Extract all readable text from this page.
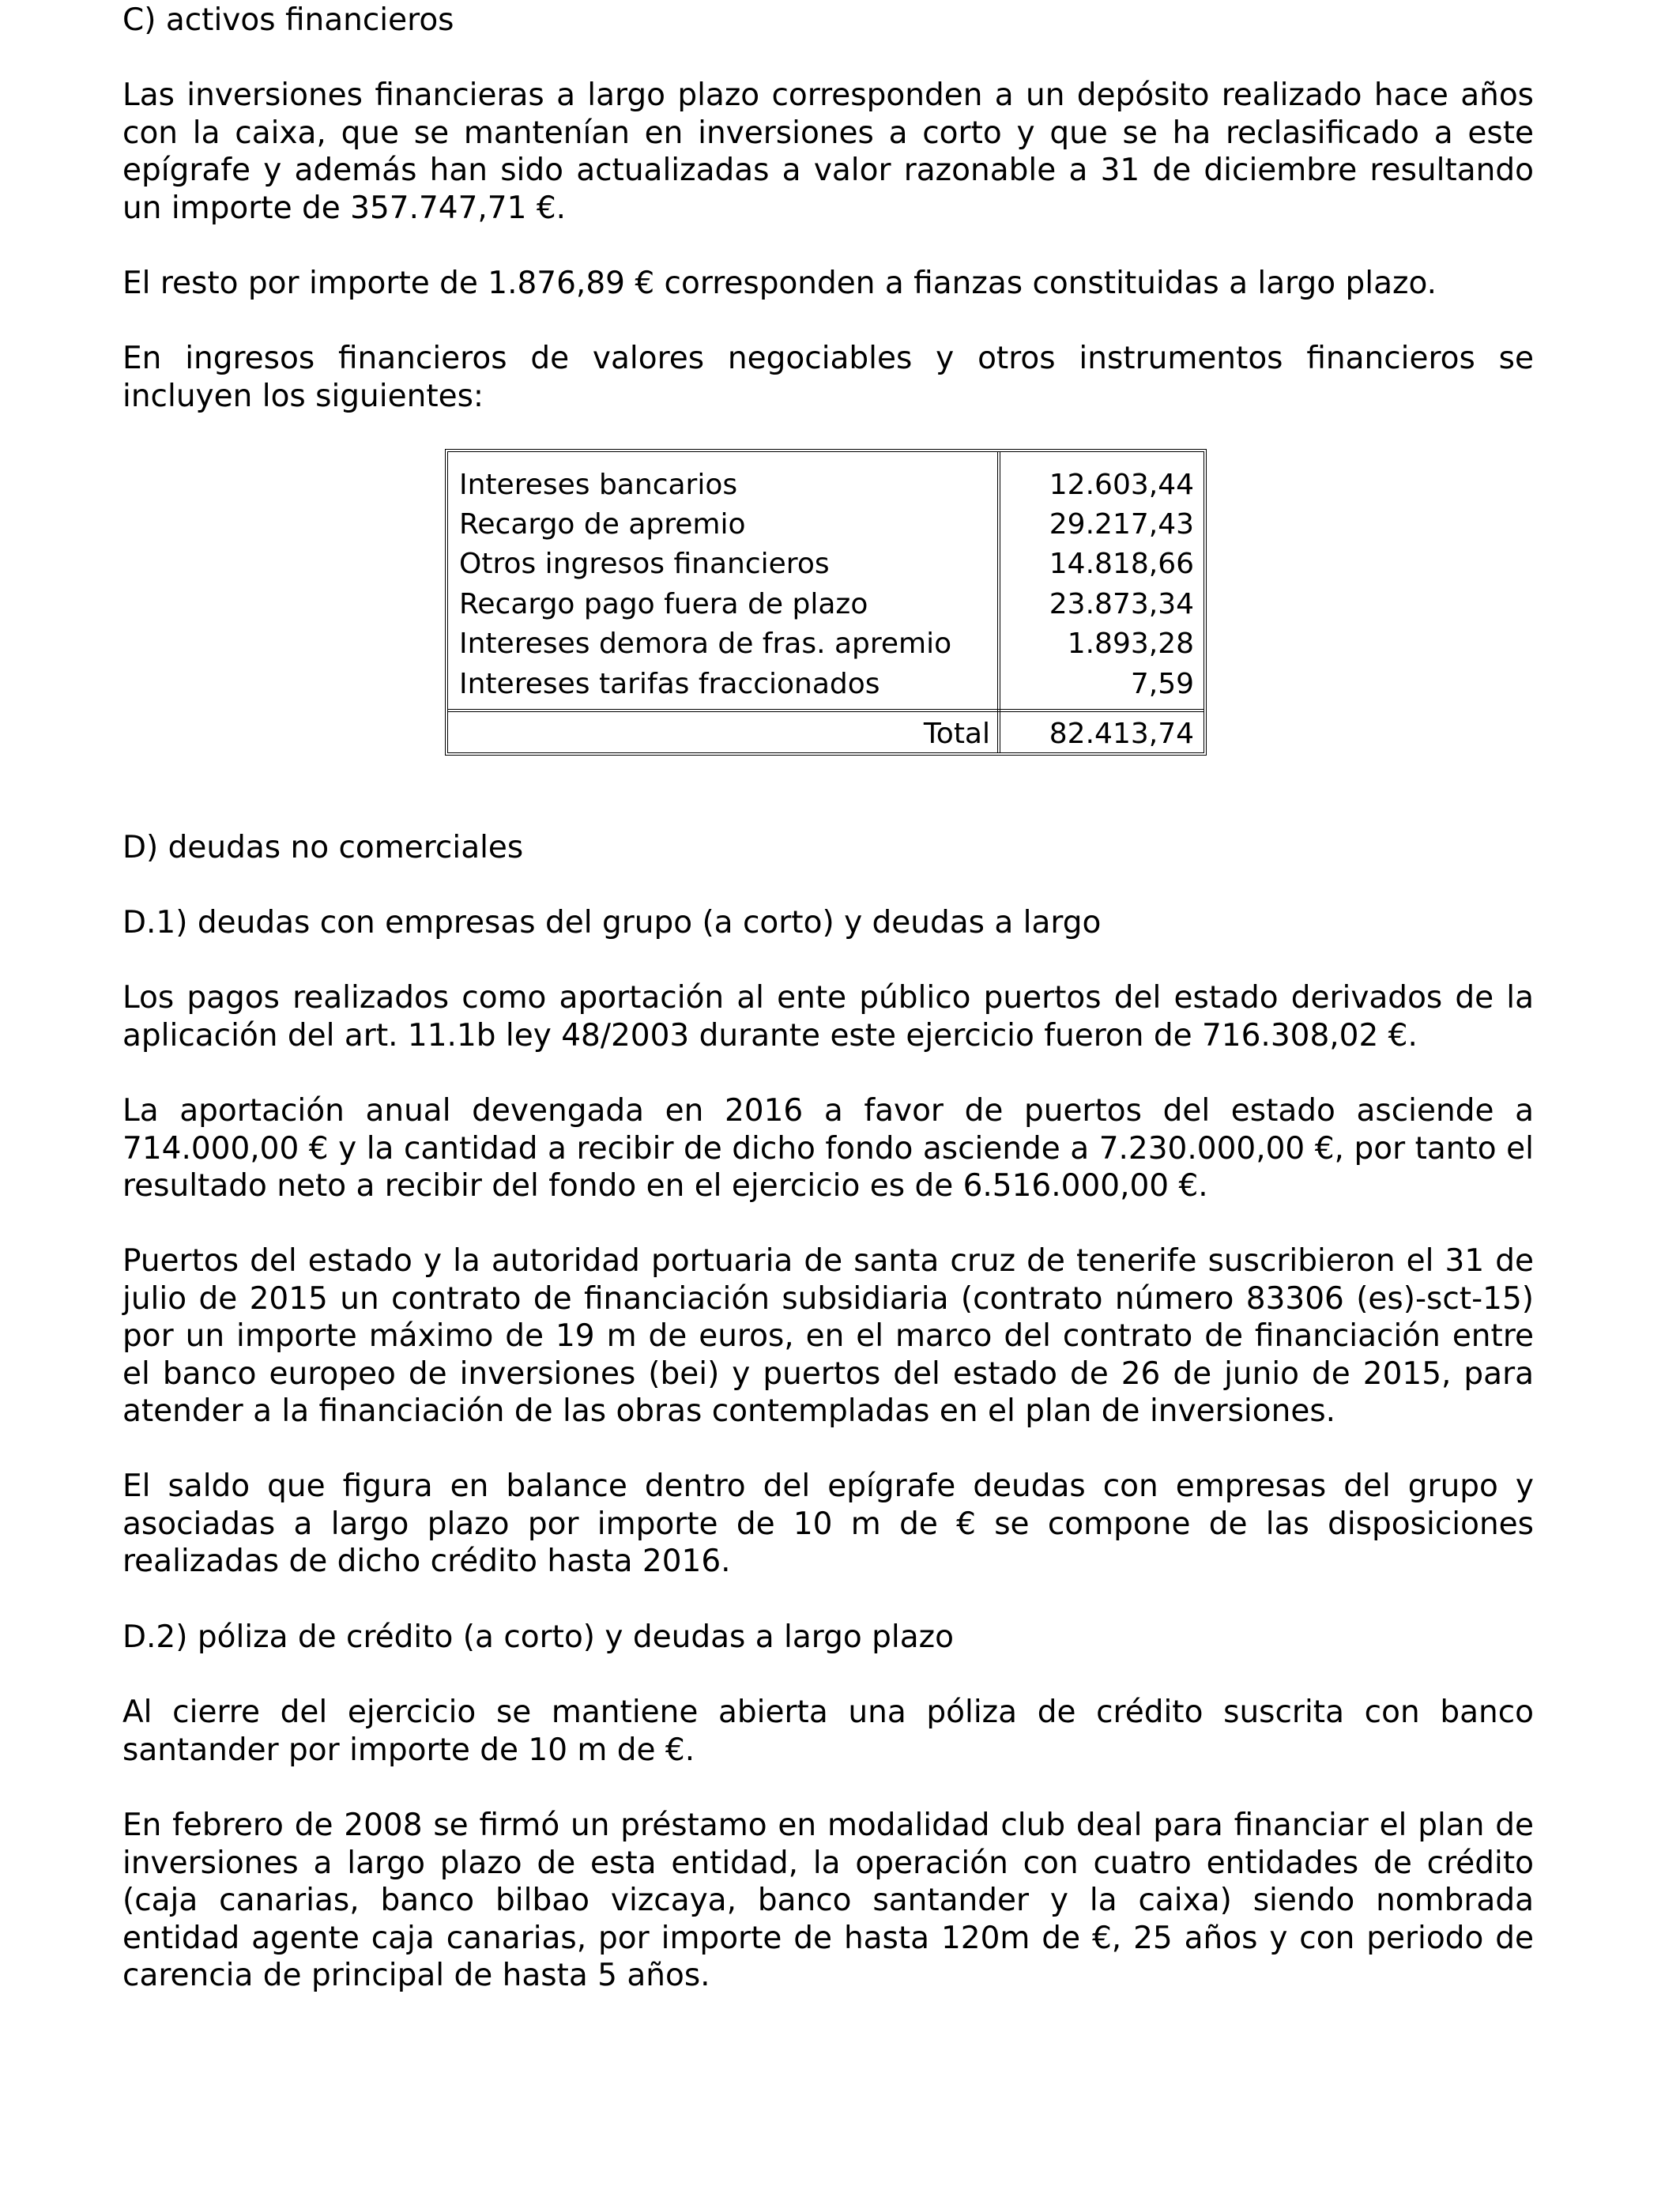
C) activos financieros
Las inversiones financieras a largo plazo corresponden a un depósito realizado hace años con la caixa, que se mantenían en inversiones a corto y que se ha reclasificado a este epígrafe y además han sido actualizadas a valor razonable a 31 de diciembre resultando un importe de 357.747,71 €.
El resto por importe de 1.876,89 € corresponden a fianzas constituidas a largo plazo.
En ingresos financieros de valores negociables y otros instrumentos financieros se incluyen los siguientes:
Intereses bancarios	12.603,44
Recargo de apremio	29.217,43
Otros ingresos financieros	14.818,66
Recargo pago fuera de plazo	23.873,34
Intereses demora de fras. apremio	1.893,28
Intereses tarifas fraccionados	7,59
Total 82.413,74
D) deudas no comerciales
D.1) deudas con empresas del grupo (a corto) y deudas a largo
Los pagos realizados como aportación al ente público puertos del estado derivados de la aplicación del art. 11.1b ley 48/2003 durante este ejercicio fueron de 716.308,02 €.
La aportación anual devengada en 2016 a favor de puertos del estado asciende a 714.000,00 € y la cantidad a recibir de dicho fondo asciende a 7.230.000,00 €, por tanto el resultado neto a recibir del fondo en el ejercicio es de 6.516.000,00 €.
Puertos del estado y la autoridad portuaria de santa cruz de tenerife suscribieron el 31 de julio de 2015 un contrato de financiación subsidiaria (contrato número 83306 (es)-sct-15) por un importe máximo de 19 m de euros, en el marco del contrato de financiación entre el banco europeo de inversiones (bei) y puertos del estado de 26 de junio de 2015, para atender a la financiación de las obras contempladas en el plan de inversiones.
El saldo que figura en balance dentro del epígrafe deudas con empresas del grupo y asociadas a largo plazo por importe de 10 m de € se compone de las disposiciones realizadas de dicho crédito hasta 2016.
D.2) póliza de crédito (a corto) y deudas a largo plazo
Al cierre del ejercicio se mantiene abierta una póliza de crédito suscrita con banco santander por importe de 10 m de €.
En febrero de 2008 se firmó un préstamo en modalidad club deal para financiar el plan de inversiones a largo plazo de esta entidad, la operación con cuatro entidades de crédito (caja canarias, banco bilbao vizcaya, banco santander y la caixa) siendo nombrada entidad agente caja canarias, por importe de hasta 120m de €, 25 años y con periodo de carencia de principal de hasta 5 años.
